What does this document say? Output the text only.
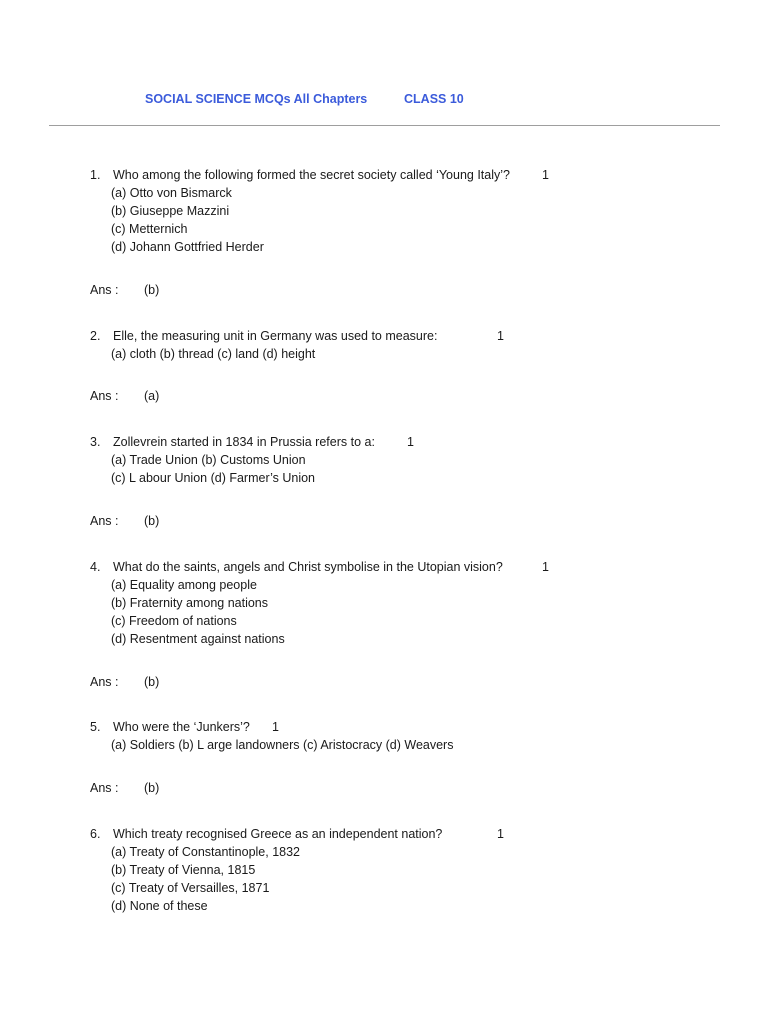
SOCIAL SCIENCE MCQs All Chapters	CLASS 10
1. Who among the following formed the secret society called ‘Young Italy’?	1
(a) Otto von Bismarck
(b) Giuseppe Mazzini
(c) Metternich
(d) Johann Gottfried Herder
Ans : (b)
2. Elle, the measuring unit in Germany was used to measure:	1
(a) cloth (b) thread (c) land (d) height
Ans : (a)
3. Zollevrein started in 1834 in Prussia refers to a:	1
(a) Trade Union (b) Customs Union
(c) L abour Union (d) Farmer’s Union
Ans : (b)
4. What do the saints, angels and Christ symbolise in the Utopian vision?	1
(a) Equality among people
(b) Fraternity among nations
(c) Freedom of nations
(d) Resentment against nations
Ans : (b)
5. Who were the ‘Junkers’? 1
(a) Soldiers (b) L arge landowners (c) Aristocracy (d) Weavers
Ans : (b)
6. Which treaty recognised Greece as an independent nation?	1
(a) Treaty of Constantinople, 1832
(b) Treaty of Vienna, 1815
(c) Treaty of Versailles, 1871
(d) None of these
